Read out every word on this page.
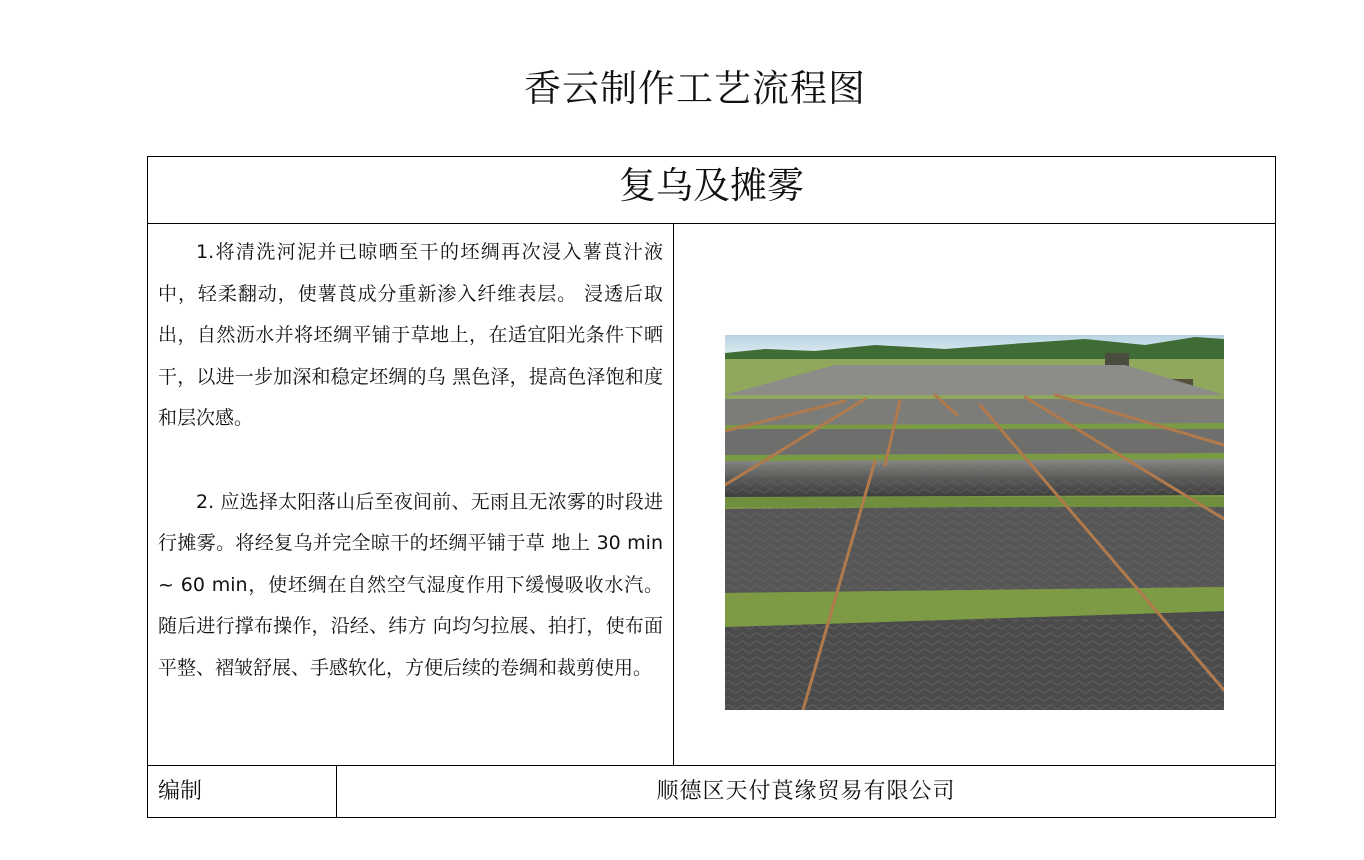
香云制作工艺流程图
复乌及摊雾

1.将清洗河泥并已晾晒至干的坯绸再次浸入薯莨汁液中，轻柔翻动，使薯莨成分重新渗入纤维表层。 浸透后取出，自然沥水并将坯绸平铺于草地上，在适宜阳光条件下晒干，以进一步加深和稳定坯绸的乌 黑色泽，提高色泽饱和度和层次感。

2. 应选择太阳落山后至夜间前、无雨且无浓雾的时段进行摊雾。将经复乌并完全晾干的坯绸平铺于草 地上 30 min ~ 60 min，使坯绸在自然空气湿度作用下缓慢吸收水汽。随后进行撑布操作，沿经、纬方 向均匀拉展、拍打，使布面平整、褶皱舒展、手感软化，方便后续的卷绸和裁剪使用。

编制	顺德区天付莨缘贸易有限公司
